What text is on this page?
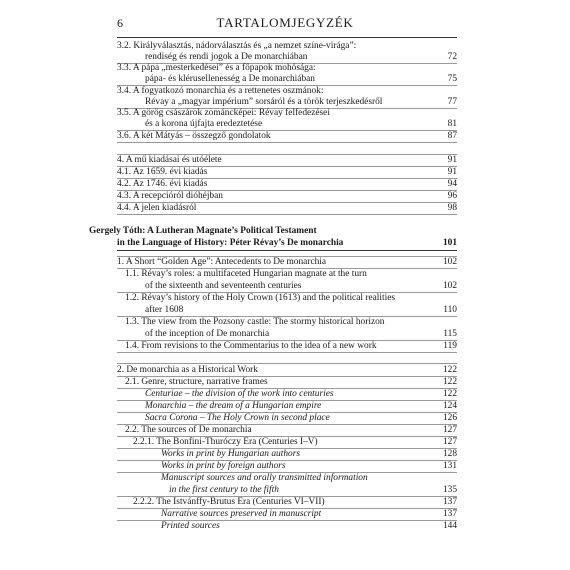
6	TARTALOMJEGYZÉK
3.2. Királyválasztás, nádorválasztás és „a nemzet színe-virága”:
rendiség és rendi jogok a De monarchiában	72
3.3. A pápa „mesterkedései” és a főpapok mohósága:
pápa- és klérusellenesség a De monarchiában	75
3.4. A fogyatkozó monarchia és a rettenetes oszmánok:
Révay a „magyar impérium” sorsáról és a török terjeszkedésről	77
3.5. A görög császárok zománcképei: Révay felfedezései
és a korona újfajta eredeztetése	81
3.6. A két Mátyás – összegző gondolatok	87
4. A mű kiadásai és utóélete	91
4.1. Az 1659. évi kiadás	91
4.2. Az 1746. évi kiadás	94
4.3. A recepcióról dióhéjban	96
4.4. A jelen kiadásról	98
Gergely Tóth: A Lutheran Magnate’s Political Testament
in the Language of History: Péter Révay’s De monarchia	101
1. A Short “Golden Age”: Antecedents to De monarchia	102
1.1. Révay’s roles: a multifaceted Hungarian magnate at the turn
of the sixteenth and seventeenth centuries	102
1.2. Révay’s history of the Holy Crown (1613) and the political realities
after 1608	110
1.3. The view from the Pozsony castle: The stormy historical horizon
of the inception of De monarchia	115
1.4. From revisions to the Commentarius to the idea of a new work	119
2. De monarchia as a Historical Work	122
2.1. Genre, structure, narrative frames	122
Centuriae – the division of the work into centuries	122
Monarchia – the dream of a Hungarian empire	124
Sacra Corona – The Holy Crown in second place	126
2.2. The sources of De monarchia	127
2.2.1. The Bonfini-Thuróczy Era (Centuries I–V)	127
Works in print by Hungarian authors	128
Works in print by foreign authors	131
Manuscript sources and orally transmitted information
in the first century to the fifth	135
2.2.2. The Istvánffy-Brutus Era (Centuries VI–VII)	137
Narrative sources preserved in manuscript	137
Printed sources	144
